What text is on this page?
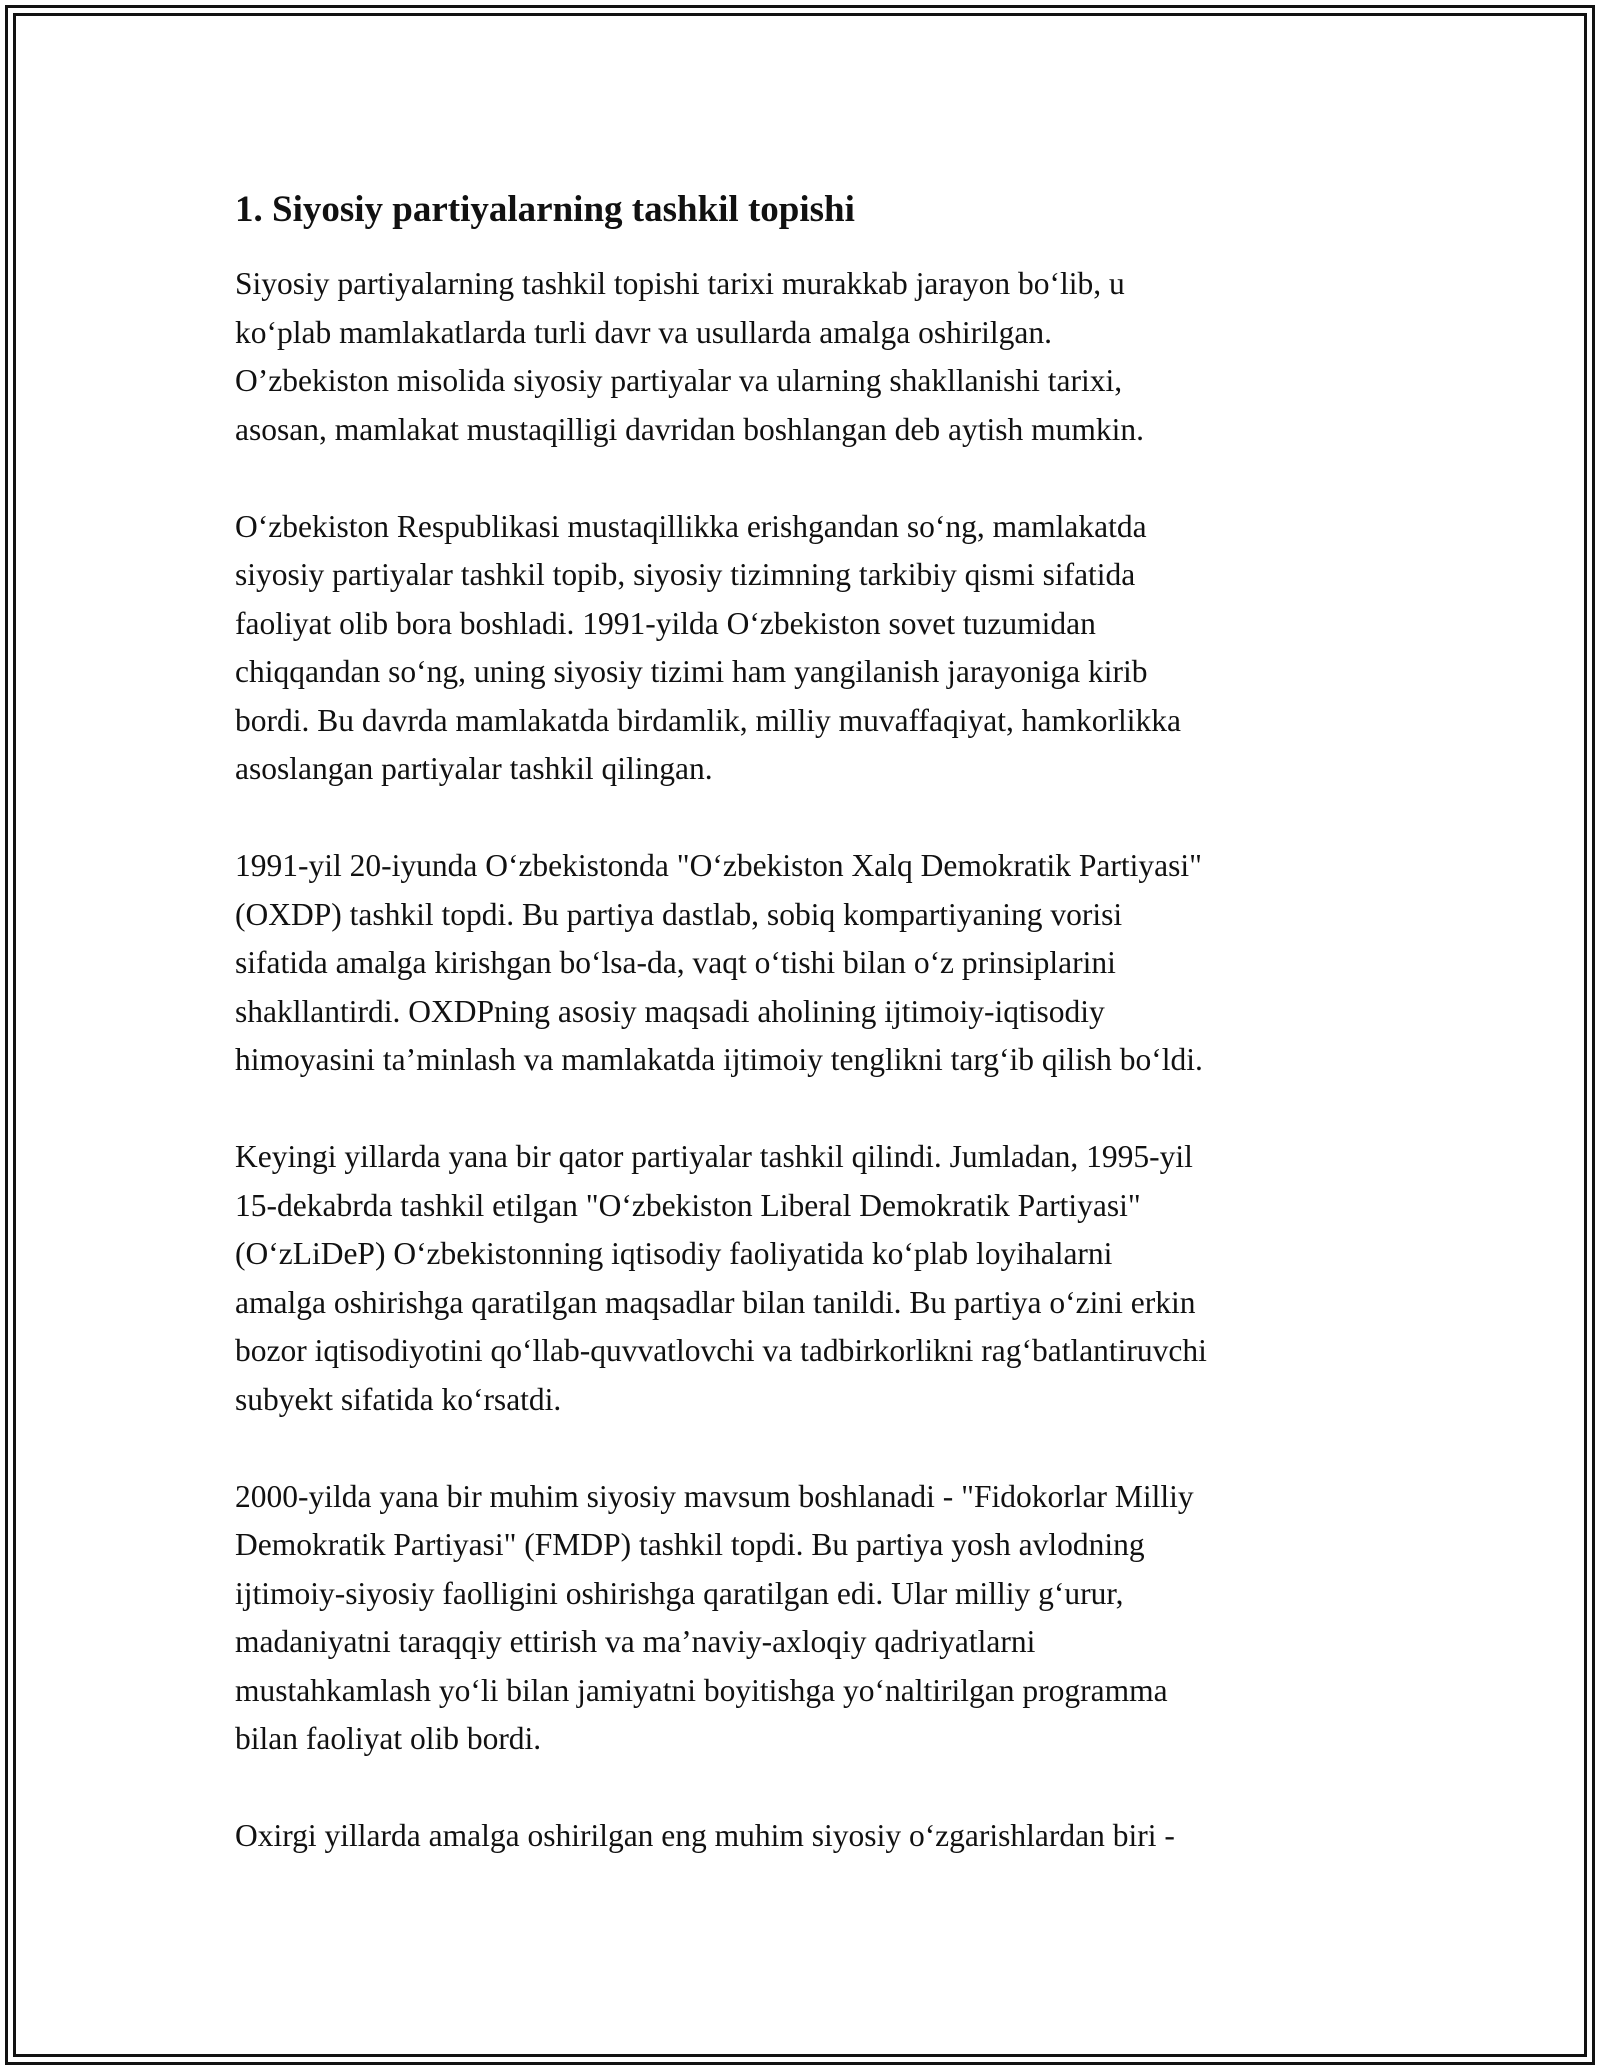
1. Siyosiy partiyalarning tashkil topishi

Siyosiy partiyalarning tashkil topishi tarixi murakkab jarayon bo‘lib, u
ko‘plab mamlakatlarda turli davr va usullarda amalga oshirilgan.
O’zbekiston misolida siyosiy partiyalar va ularning shakllanishi tarixi,
asosan, mamlakat mustaqilligi davridan boshlangan deb aytish mumkin.

O‘zbekiston Respublikasi mustaqillikka erishgandan so‘ng, mamlakatda
siyosiy partiyalar tashkil topib, siyosiy tizimning tarkibiy qismi sifatida
faoliyat olib bora boshladi. 1991-yilda O‘zbekiston sovet tuzumidan
chiqqandan so‘ng, uning siyosiy tizimi ham yangilanish jarayoniga kirib
bordi. Bu davrda mamlakatda birdamlik, milliy muvaffaqiyat, hamkorlikka
asoslangan partiyalar tashkil qilingan.

1991-yil 20-iyunda O‘zbekistonda "O‘zbekiston Xalq Demokratik Partiyasi"
(OXDP) tashkil topdi. Bu partiya dastlab, sobiq kompartiyaning vorisi
sifatida amalga kirishgan bo‘lsa-da, vaqt o‘tishi bilan o‘z prinsiplarini
shakllantirdi. OXDPning asosiy maqsadi aholining ijtimoiy-iqtisodiy
himoyasini ta’minlash va mamlakatda ijtimoiy tenglikni targ‘ib qilish bo‘ldi.

Keyingi yillarda yana bir qator partiyalar tashkil qilindi. Jumladan, 1995-yil
15-dekabrda tashkil etilgan "O‘zbekiston Liberal Demokratik Partiyasi"
(O‘zLiDeP) O‘zbekistonning iqtisodiy faoliyatida ko‘plab loyihalarni
amalga oshirishga qaratilgan maqsadlar bilan tanildi. Bu partiya o‘zini erkin
bozor iqtisodiyotini qo‘llab-quvvatlovchi va tadbirkorlikni rag‘batlantiruvchi
subyekt sifatida ko‘rsatdi.

2000-yilda yana bir muhim siyosiy mavsum boshlanadi - "Fidokorlar Milliy
Demokratik Partiyasi" (FMDP) tashkil topdi. Bu partiya yosh avlodning
ijtimoiy-siyosiy faolligini oshirishga qaratilgan edi. Ular milliy g‘urur,
madaniyatni taraqqiy ettirish va ma’naviy-axloqiy qadriyatlarni
mustahkamlash yo‘li bilan jamiyatni boyitishga yo‘naltirilgan programma
bilan faoliyat olib bordi.

Oxirgi yillarda amalga oshirilgan eng muhim siyosiy o‘zgarishlardan biri -
